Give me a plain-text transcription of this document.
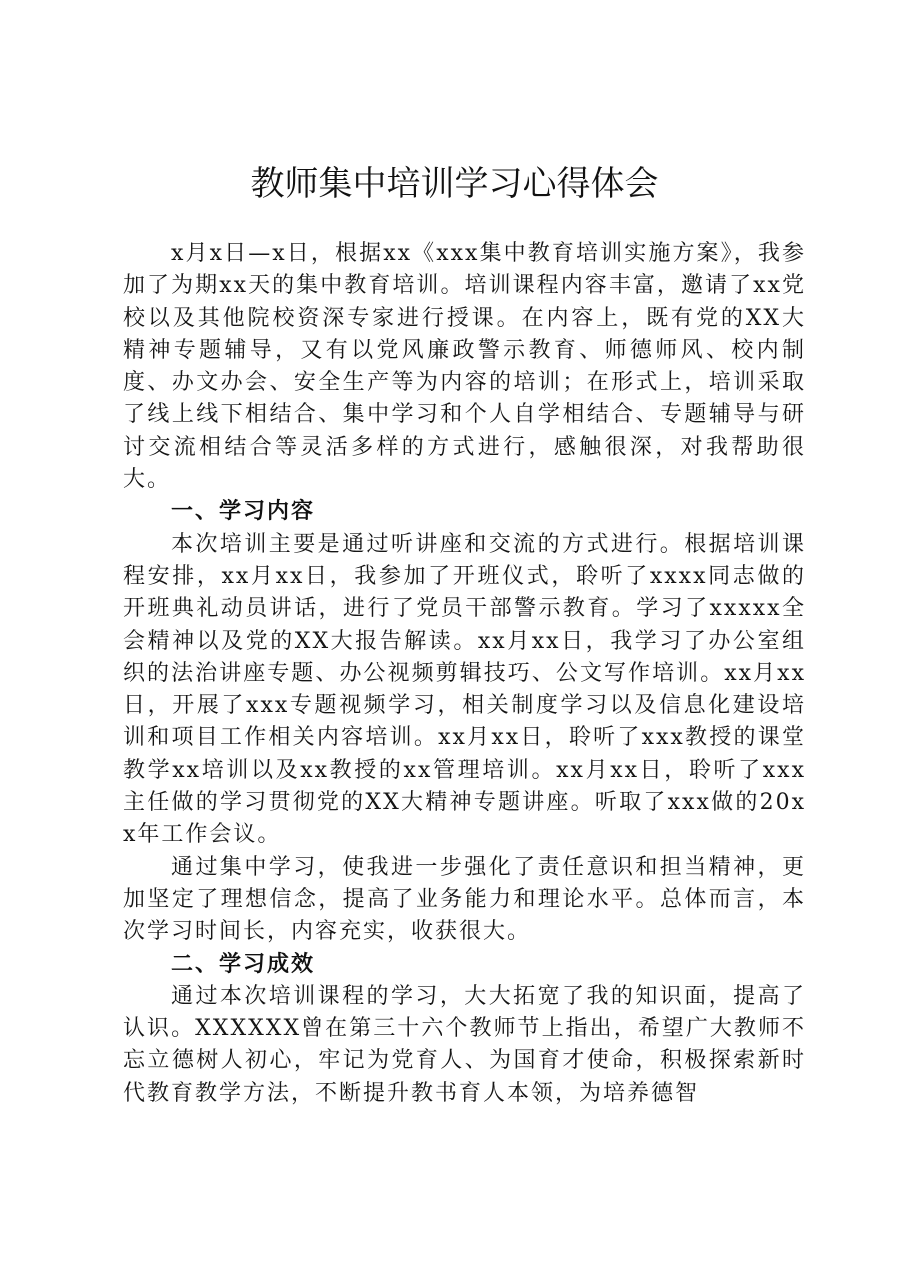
教师集中培训学习心得体会

x月x日—x日，根据xx《xxx集中教育培训实施方案》，我参加了为期xx天的集中教育培训。培训课程内容丰富，邀请了xx党校以及其他院校资深专家进行授课。在内容上，既有党的XX大精神专题辅导，又有以党风廉政警示教育、师德师风、校内制度、办文办会、安全生产等为内容的培训；在形式上，培训采取了线上线下相结合、集中学习和个人自学相结合、专题辅导与研讨交流相结合等灵活多样的方式进行，感触很深，对我帮助很大。

一、学习内容

本次培训主要是通过听讲座和交流的方式进行。根据培训课程安排，xx月xx日，我参加了开班仪式，聆听了xxxx同志做的开班典礼动员讲话，进行了党员干部警示教育。学习了xxxxx全会精神以及党的XX大报告解读。xx月xx日，我学习了办公室组织的法治讲座专题、办公视频剪辑技巧、公文写作培训。xx月xx日，开展了xxx专题视频学习，相关制度学习以及信息化建设培训和项目工作相关内容培训。xx月xx日，聆听了xxx教授的课堂教学xx培训以及xx教授的xx管理培训。xx月xx日，聆听了xxx主任做的学习贯彻党的XX大精神专题讲座。听取了xxx做的20xx年工作会议。

通过集中学习，使我进一步强化了责任意识和担当精神，更加坚定了理想信念，提高了业务能力和理论水平。总体而言，本次学习时间长，内容充实，收获很大。

二、学习成效

通过本次培训课程的学习，大大拓宽了我的知识面，提高了认识。XXXXXX曾在第三十六个教师节上指出，希望广大教师不忘立德树人初心，牢记为党育人、为国育才使命，积极探索新时代教育教学方法，不断提升教书育人本领，为培养德智
